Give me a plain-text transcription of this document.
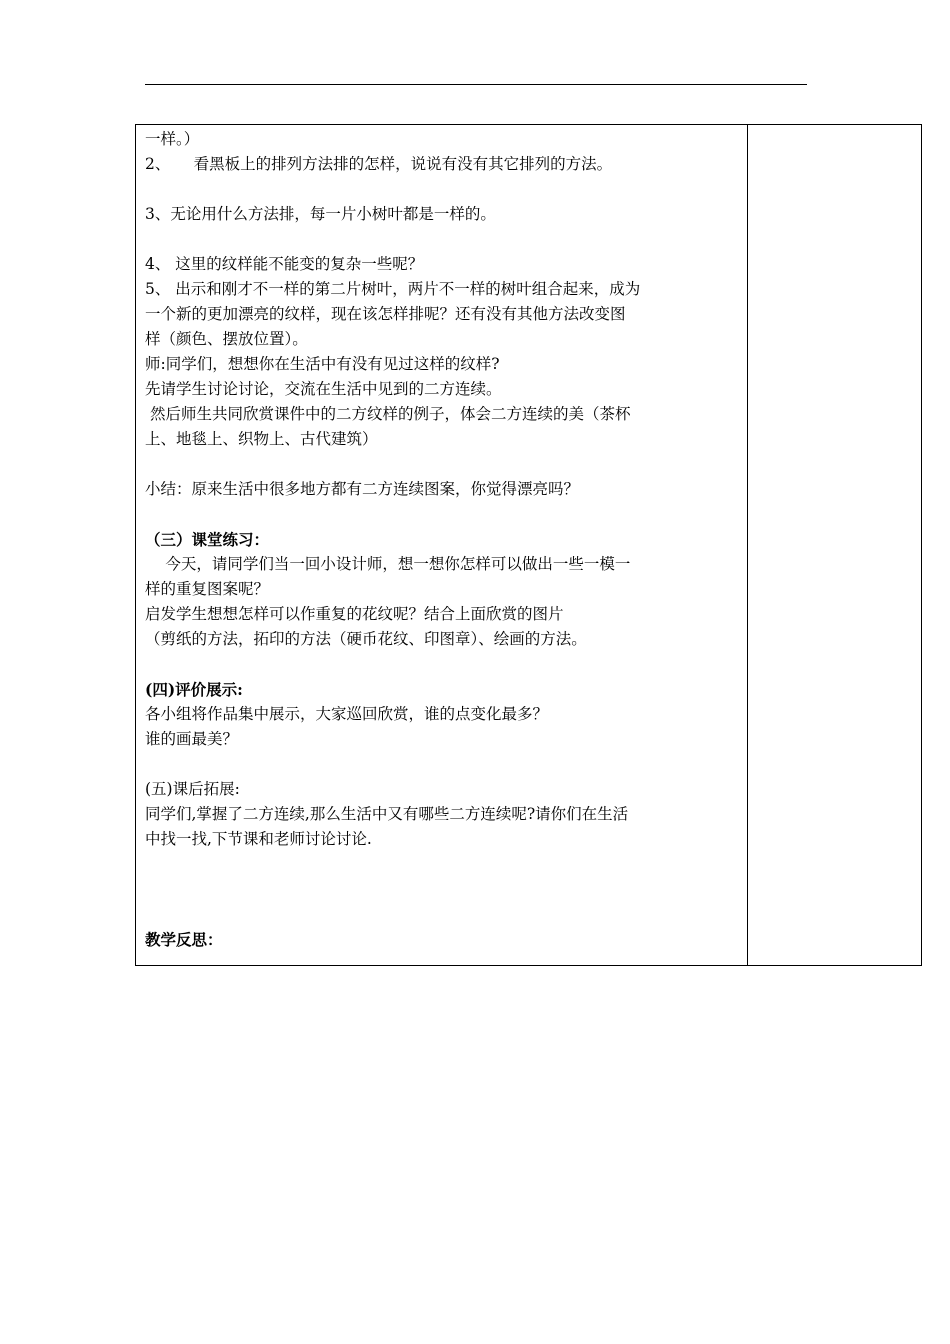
一样。）
2、　　看黑板上的排列方法排的怎样，说说有没有其它排列的方法。
3、无论用什么方法排，每一片小树叶都是一样的。
4、 这里的纹样能不能变的复杂一些呢？
5、 出示和刚才不一样的第二片树叶，两片不一样的树叶组合起来，成为
一个新的更加漂亮的纹样，现在该怎样排呢？还有没有其他方法改变图
样（颜色、摆放位置）。
师:同学们，想想你在生活中有没有见过这样的纹样?
先请学生讨论讨论，交流在生活中见到的二方连续。
然后师生共同欣赏课件中的二方纹样的例子，体会二方连续的美（茶杯
上、地毯上、织物上、古代建筑）
小结：原来生活中很多地方都有二方连续图案，你觉得漂亮吗？
（三）课堂练习：
　 今天，请同学们当一回小设计师，想一想你怎样可以做出一些一模一
样的重复图案呢？
启发学生想想怎样可以作重复的花纹呢？结合上面欣赏的图片
（剪纸的方法，拓印的方法（硬币花纹、印图章）、绘画的方法。
(四)评价展示:
各小组将作品集中展示，大家巡回欣赏，谁的点变化最多？
谁的画最美？
(五)课后拓展:
同学们,掌握了二方连续,那么生活中又有哪些二方连续呢?请你们在生活
中找一找,下节课和老师讨论讨论.
教学反思：
